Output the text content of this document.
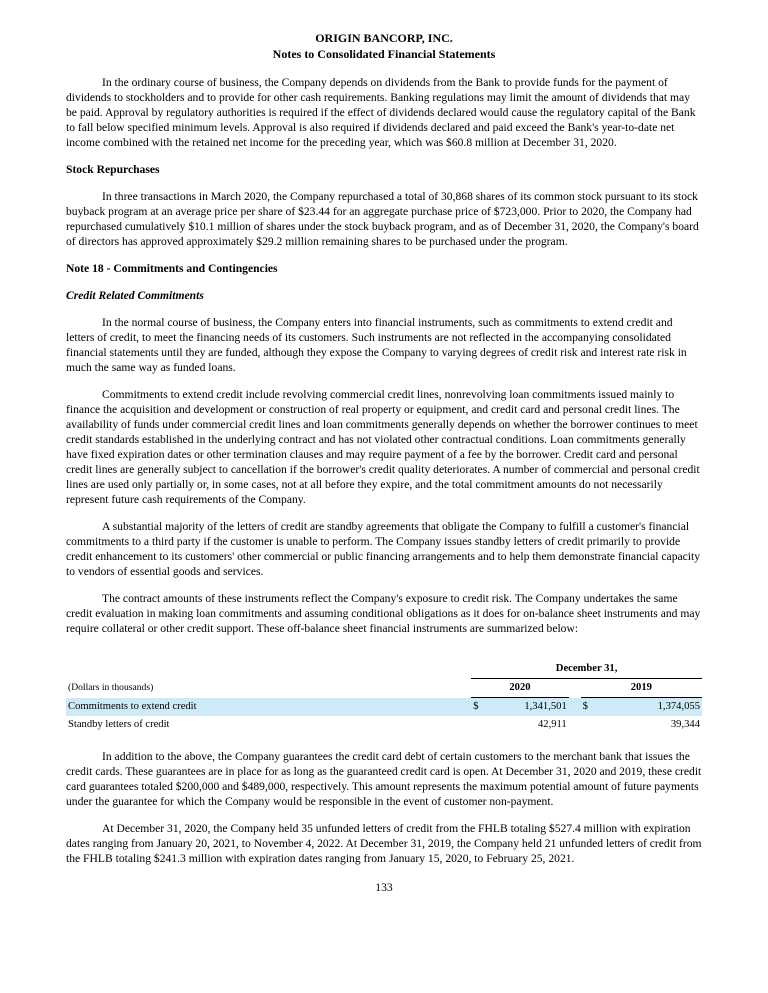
ORIGIN BANCORP, INC.
Notes to Consolidated Financial Statements

In the ordinary course of business, the Company depends on dividends from the Bank to provide funds for the payment of dividends to stockholders and to provide for other cash requirements. Banking regulations may limit the amount of dividends that may be paid. Approval by regulatory authorities is required if the effect of dividends declared would cause the regulatory capital of the Bank to fall below specified minimum levels. Approval is also required if dividends declared and paid exceed the Bank's year-to-date net income combined with the retained net income for the preceding year, which was $60.8 million at December 31, 2020.

Stock Repurchases

In three transactions in March 2020, the Company repurchased a total of 30,868 shares of its common stock pursuant to its stock buyback program at an average price per share of $23.44 for an aggregate purchase price of $723,000. Prior to 2020, the Company had repurchased cumulatively $10.1 million of shares under the stock buyback program, and as of December 31, 2020, the Company's board of directors has approved approximately $29.2 million remaining shares to be purchased under the program.

Note 18 - Commitments and Contingencies

Credit Related Commitments

In the normal course of business, the Company enters into financial instruments, such as commitments to extend credit and letters of credit, to meet the financing needs of its customers. Such instruments are not reflected in the accompanying consolidated financial statements until they are funded, although they expose the Company to varying degrees of credit risk and interest rate risk in much the same way as funded loans.

Commitments to extend credit include revolving commercial credit lines, nonrevolving loan commitments issued mainly to finance the acquisition and development or construction of real property or equipment, and credit card and personal credit lines. The availability of funds under commercial credit lines and loan commitments generally depends on whether the borrower continues to meet credit standards established in the underlying contract and has not violated other contractual conditions. Loan commitments generally have fixed expiration dates or other termination clauses and may require payment of a fee by the borrower. Credit card and personal credit lines are generally subject to cancellation if the borrower's credit quality deteriorates. A number of commercial and personal credit lines are used only partially or, in some cases, not at all before they expire, and the total commitment amounts do not necessarily represent future cash requirements of the Company.

A substantial majority of the letters of credit are standby agreements that obligate the Company to fulfill a customer's financial commitments to a third party if the customer is unable to perform. The Company issues standby letters of credit primarily to provide credit enhancement to its customers' other commercial or public financing arrangements and to help them demonstrate financial capacity to vendors of essential goods and services.

The contract amounts of these instruments reflect the Company's exposure to credit risk. The Company undertakes the same credit evaluation in making loan commitments and assuming conditional obligations as it does for on-balance sheet instruments and may require collateral or other credit support. These off-balance sheet financial instruments are summarized below:

	December 31,				
(Dollars in thousands)	2020			2019	
Commitments to extend credit	$	1,341,501		$	1,374,055
Standby letters of credit		42,911			39,344

In addition to the above, the Company guarantees the credit card debt of certain customers to the merchant bank that issues the credit cards. These guarantees are in place for as long as the guaranteed credit card is open. At December 31, 2020 and 2019, these credit card guarantees totaled $200,000 and $489,000, respectively. This amount represents the maximum potential amount of future payments under the guarantee for which the Company would be responsible in the event of customer non-payment.

At December 31, 2020, the Company held 35 unfunded letters of credit from the FHLB totaling $527.4 million with expiration dates ranging from January 20, 2021, to November 4, 2022. At December 31, 2019, the Company held 21 unfunded letters of credit from the FHLB totaling $241.3 million with expiration dates ranging from January 15, 2020, to February 25, 2021.

133
